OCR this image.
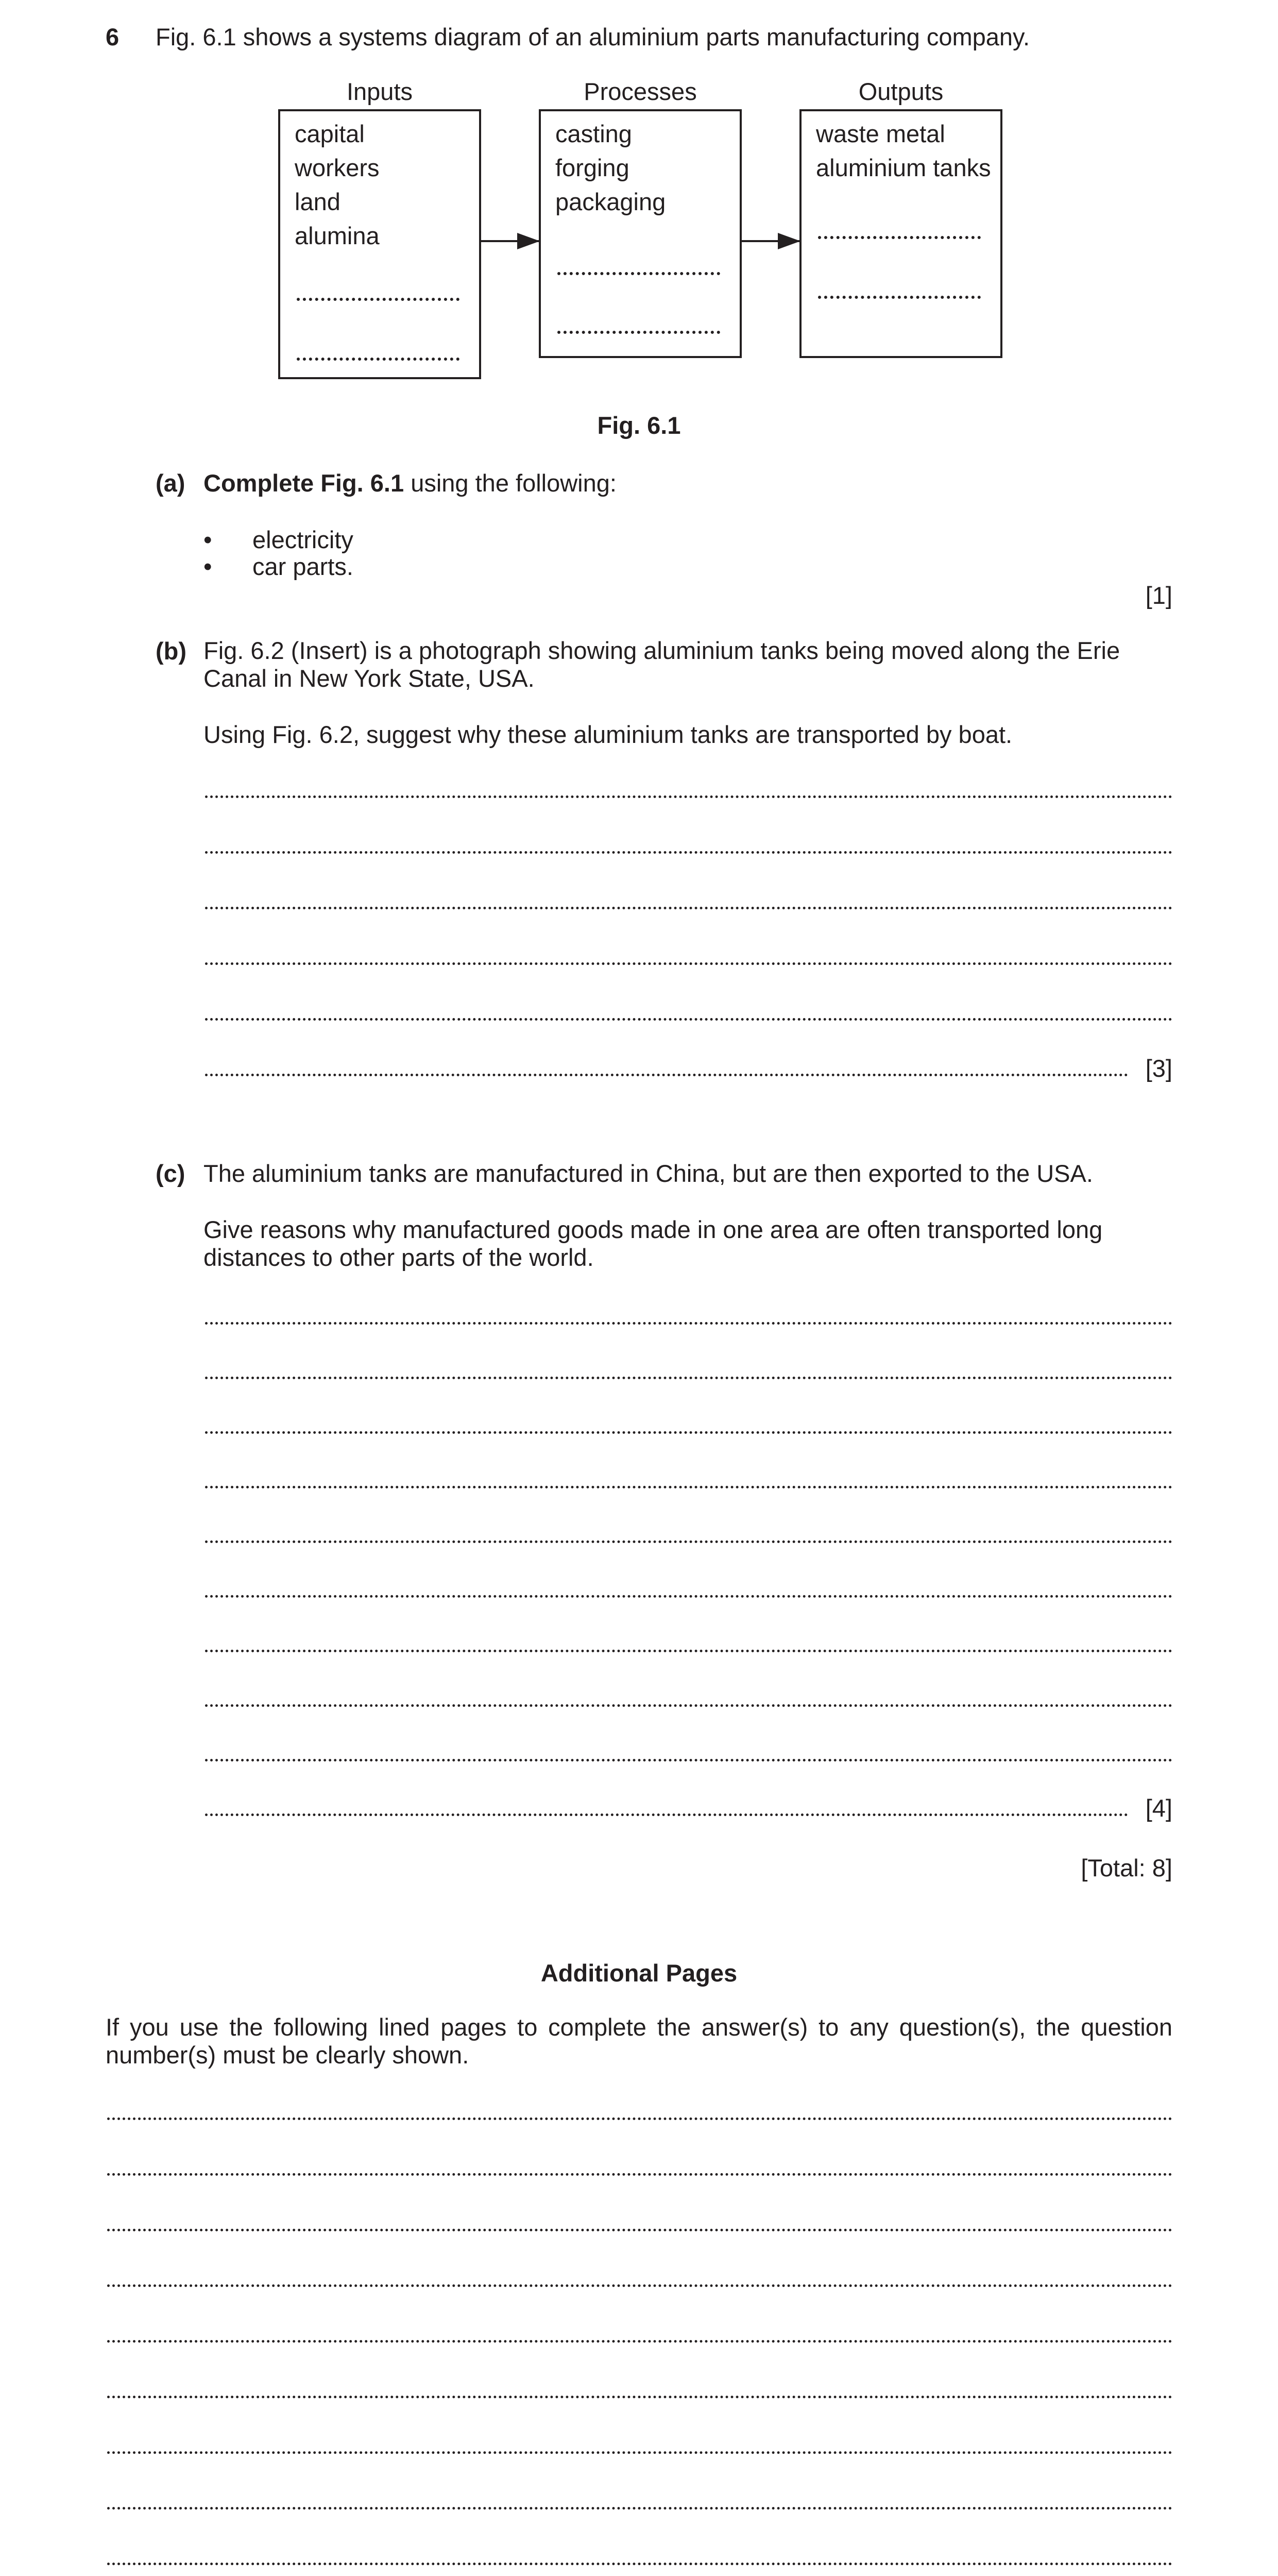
6 Fig. 6.1 shows a systems diagram of an aluminium parts manufacturing company.
Inputs	Processes	Outputs
capital
workers
land
alumina
casting
forging
packaging
waste metal
aluminium tanks
Fig. 6.1
(a) Complete Fig. 6.1 using the following:
• electricity
• car parts.
[1]
(b) Fig. 6.2 (Insert) is a photograph showing aluminium tanks being moved along the Erie Canal in New York State, USA.
Using Fig. 6.2, suggest why these aluminium tanks are transported by boat.
[3]
(c) The aluminium tanks are manufactured in China, but are then exported to the USA.
Give reasons why manufactured goods made in one area are often transported long distances to other parts of the world.
[4]
[Total: 8]
Additional Pages
If you use the following lined pages to complete the answer(s) to any question(s), the question number(s) must be clearly shown.
